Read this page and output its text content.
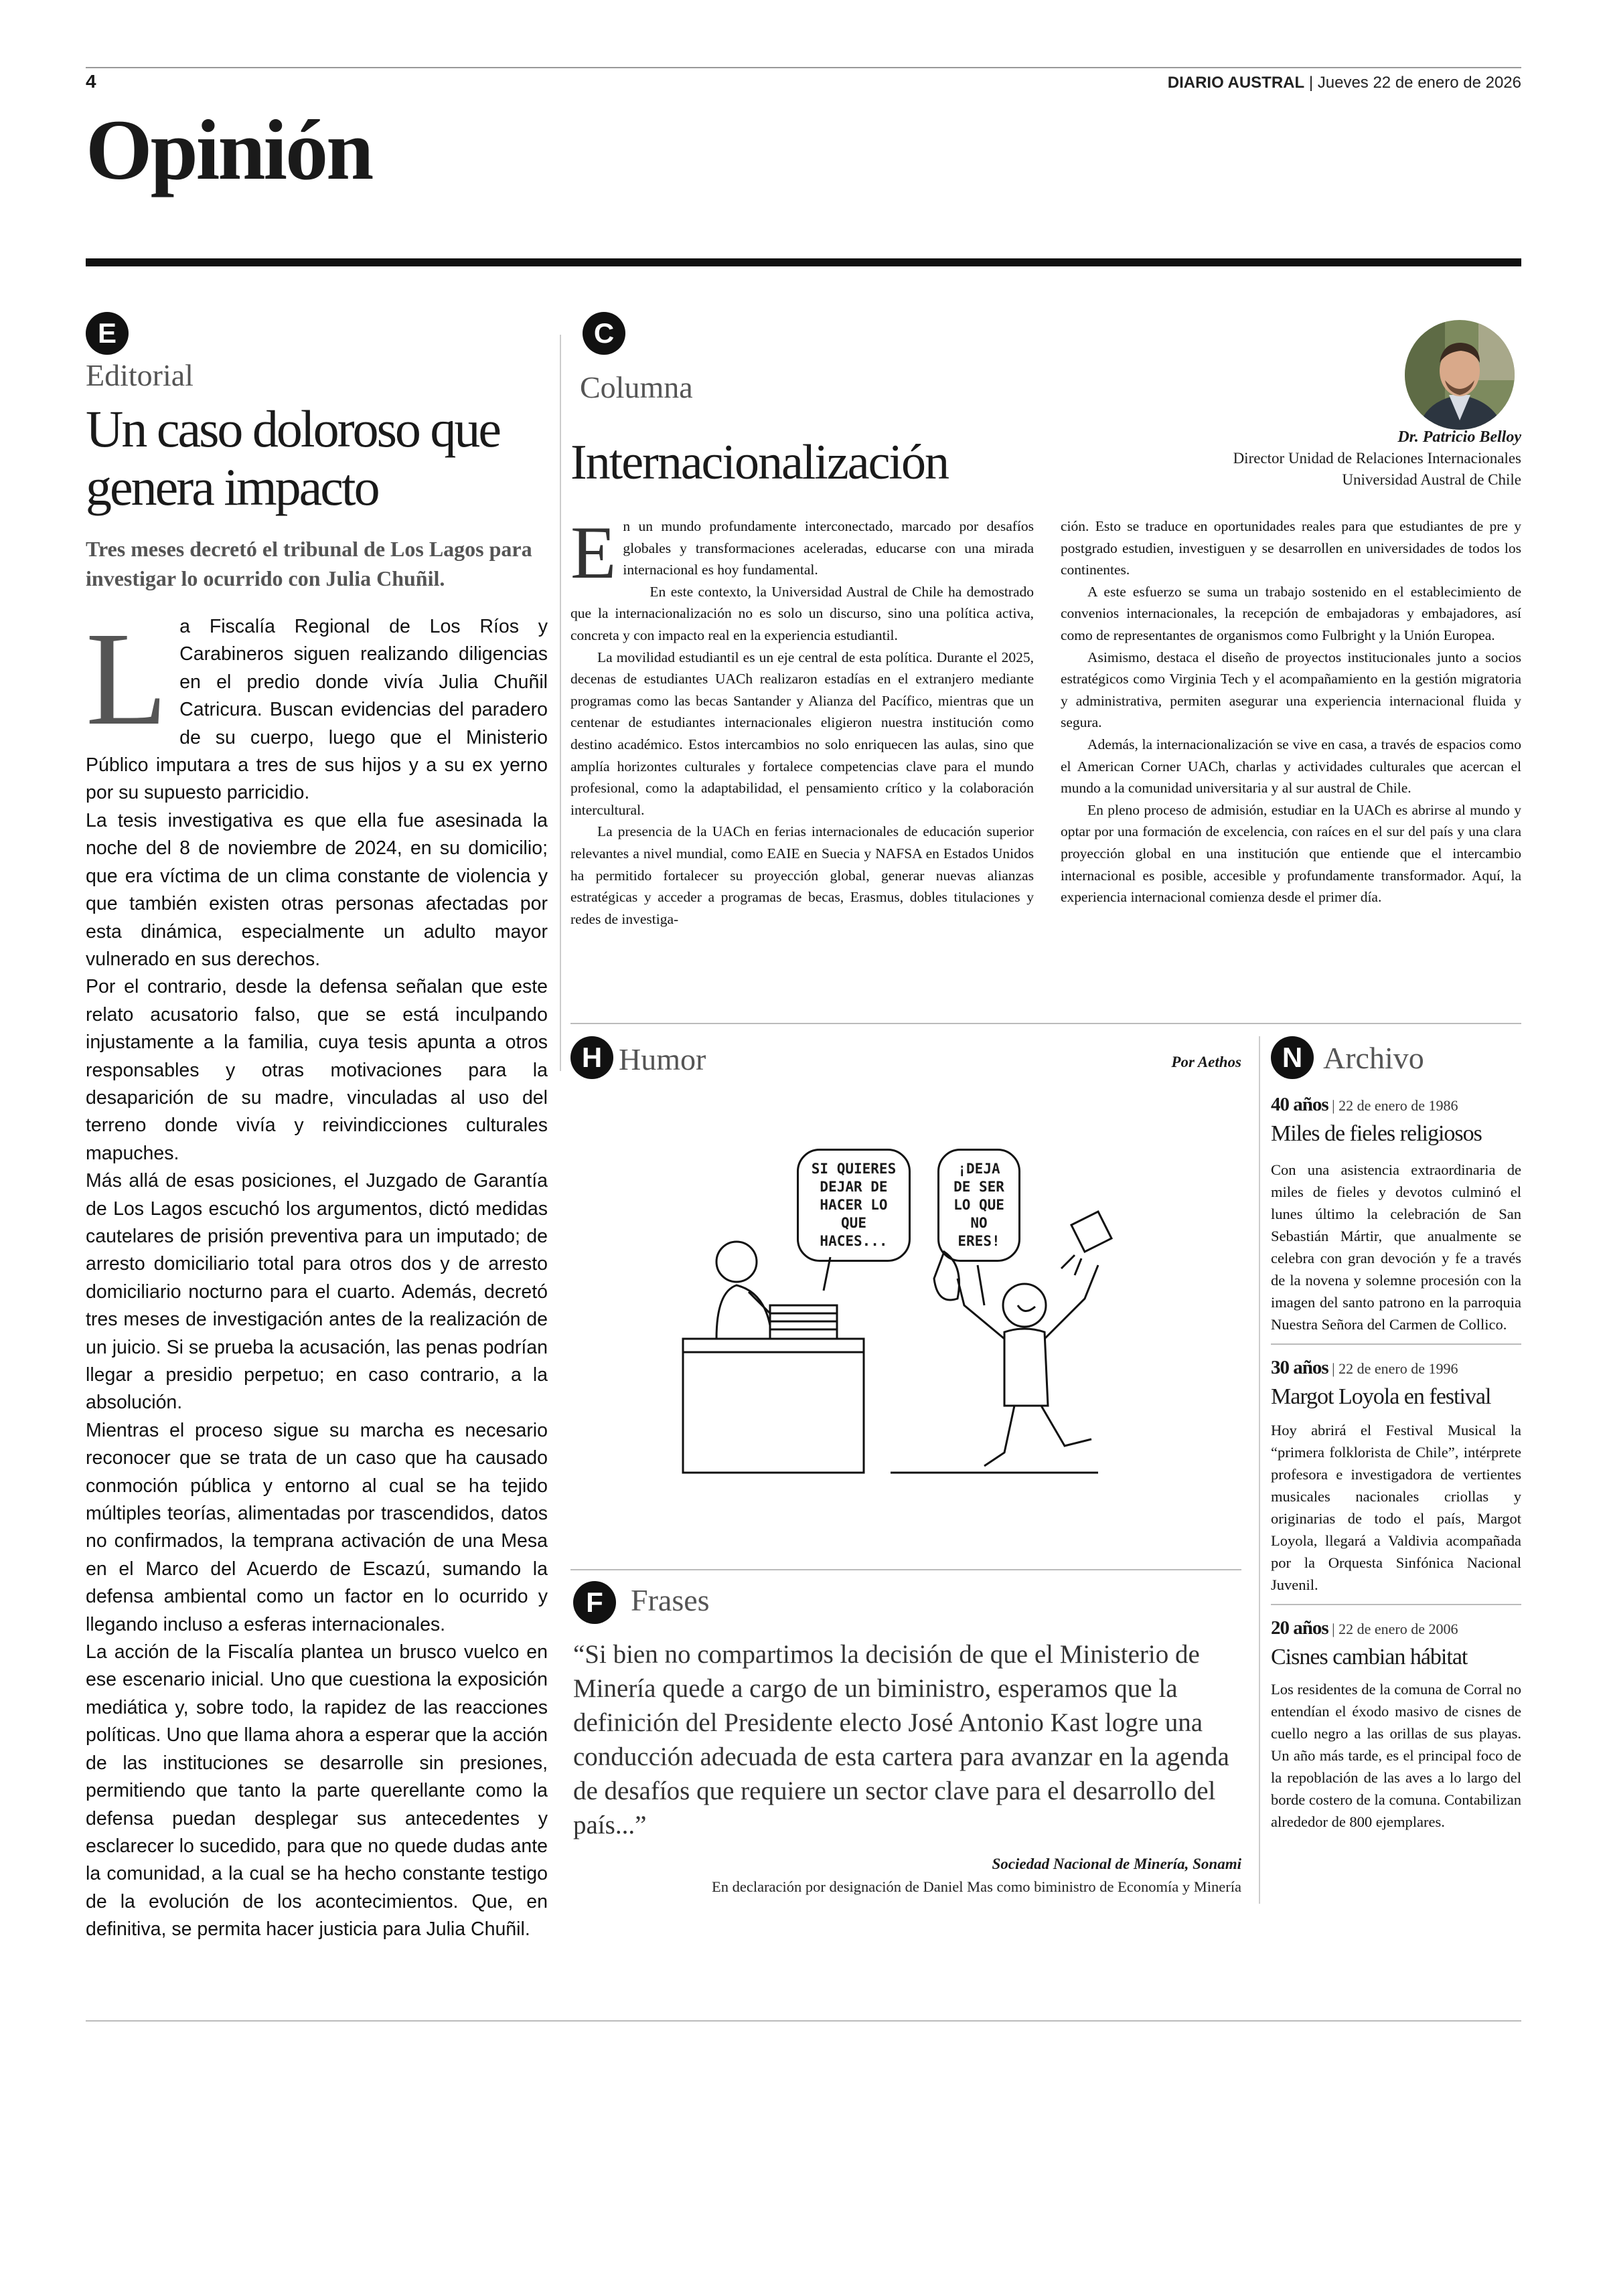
4	DIARIO AUSTRAL | Jueves 22 de enero de 2026
Opinión
E
Editorial
Un caso doloroso que genera impacto
Tres meses decretó el tribunal de Los Lagos para investigar lo ocurrido con Julia Chuñil.
L a Fiscalía Regional de Los Ríos y Carabineros siguen realizando diligencias en el predio donde vivía Julia Chuñil Catricura. Buscan evidencias del paradero de su cuerpo, luego que el Ministerio Público imputara a tres de sus hijos y a su ex yerno por su supuesto parricidio.

La tesis investigativa es que ella fue asesinada la noche del 8 de noviembre de 2024, en su domicilio; que era víctima de un clima constante de violencia y que también existen otras personas afectadas por esta dinámica, especialmente un adulto mayor vulnerado en sus derechos.

Por el contrario, desde la defensa señalan que este relato acusatorio falso, que se está inculpando injustamente a la familia, cuya tesis apunta a otros responsables y otras motivaciones para la desaparición de su madre, vinculadas al uso del terreno donde vivía y reivindicciones culturales mapuches.

Más allá de esas posiciones, el Juzgado de Garantía de Los Lagos escuchó los argumentos, dictó medidas cautelares de prisión preventiva para un imputado; de arresto domiciliario total para otros dos y de arresto domiciliario nocturno para el cuarto. Además, decretó tres meses de investigación antes de la realización de un juicio. Si se prueba la acusación, las penas podrían llegar a presidio perpetuo; en caso contrario, a la absolución.

Mientras el proceso sigue su marcha es necesario reconocer que se trata de un caso que ha causado conmoción pública y entorno al cual se ha tejido múltiples teorías, alimentadas por trascendidos, datos no confirmados, la temprana activación de una Mesa en el Marco del Acuerdo de Escazú, sumando la defensa ambiental como un factor en lo ocurrido y llegando incluso a esferas internacionales.

La acción de la Fiscalía plantea un brusco vuelco en ese escenario inicial. Uno que cuestiona la exposición mediática y, sobre todo, la rapidez de las reacciones políticas. Uno que llama ahora a esperar que la acción de las instituciones se desarrolle sin presiones, permitiendo que tanto la parte querellante como la defensa puedan desplegar sus antecedentes y esclarecer lo sucedido, para que no quede dudas ante la comunidad, a la cual se ha hecho constante testigo de la evolución de los acontecimientos. Que, en definitiva, se permita hacer justicia para Julia Chuñil.

C
Columna
Internacionalización	Dr. Patricio Belloy
Director Unidad de Relaciones Internacionales
Universidad Austral de Chile
E n un mundo profundamente interconectado, marcado por desafíos globales y transformaciones aceleradas, educarse con una mirada internacional es hoy fundamental.

En este contexto, la Universidad Austral de Chile ha demostrado que la internacionalización no es solo un discurso, sino una política activa, concreta y con impacto real en la experiencia estudiantil.

La movilidad estudiantil es un eje central de esta política. Durante el 2025, decenas de estudiantes UACh realizaron estadías en el extranjero mediante programas como las becas Santander y Alianza del Pacífico, mientras que un centenar de estudiantes internacionales eligieron nuestra institución como destino académico. Estos intercambios no solo enriquecen las aulas, sino que amplía horizontes culturales y fortalece competencias clave para el mundo profesional, como la adaptabilidad, el pensamiento crítico y la colaboración intercultural.

La presencia de la UACh en ferias internacionales de educación superior relevantes a nivel mundial, como EAIE en Suecia y NAFSA en Estados Unidos ha permitido fortalecer su proyección global, generar nuevas alianzas estratégicas y acceder a programas de becas, Erasmus, dobles titulaciones y redes de investiga-

ción. Esto se traduce en oportunidades reales para que estudiantes de pre y postgrado estudien, investiguen y se desarrollen en universidades de todos los continentes.

A este esfuerzo se suma un trabajo sostenido en el establecimiento de convenios internacionales, la recepción de embajadoras y embajadores, así como de representantes de organismos como Fulbright y la Unión Europea.

Asimismo, destaca el diseño de proyectos institucionales junto a socios estratégicos como Virginia Tech y el acompañamiento en la gestión migratoria y administrativa, permiten asegurar una experiencia internacional fluida y segura.

Además, la internacionalización se vive en casa, a través de espacios como el American Corner UACh, charlas y actividades culturales que acercan el mundo a la comunidad universitaria y al sur austral de Chile.

En pleno proceso de admisión, estudiar en la UACh es abrirse al mundo y optar por una formación de excelencia, con raíces en el sur del país y una clara proyección global en una institución que entiende que el intercambio internacional es posible, accesible y profundamente transformador. Aquí, la experiencia internacional comienza desde el primer día.

H Humor	Por Aethos
SI QUIERES
DEJAR DE
HACER LO
QUE HACES...
¡DEJA
DE SER
LO QUE
NO ERES!
F Frases
“Si bien no compartimos la decisión de que el Ministerio de Minería quede a cargo de un biministro, esperamos que la definición del Presidente electo José Antonio Kast logre una conducción adecuada de esta cartera para avanzar en la agenda de desafíos que requiere un sector clave para el desarrollo del país...”
Sociedad Nacional de Minería, Sonami
En declaración por designación de Daniel Mas como biministro de Economía y Minería
N Archivo
40 años | 22 de enero de 1986
Miles de fieles religiosos
Con una asistencia extraordinaria de miles de fieles y devotos culminó el lunes último la celebración de San Sebastián Mártir, que anualmente se celebra con gran devoción y fe a través de la novena y solemne procesión con la imagen del santo patrono en la parroquia Nuestra Señora del Carmen de Collico.
30 años | 22 de enero de 1996
Margot Loyola en festival
Hoy abrirá el Festival Musical la “primera folklorista de Chile”, intérprete profesora e investigadora de vertientes musicales nacionales criollas y originarias de todo el país, Margot Loyola, llegará a Valdivia acompañada por la Orquesta Sinfónica Nacional Juvenil.
20 años | 22 de enero de 2006
Cisnes cambian hábitat
Los residentes de la comuna de Corral no entendían el éxodo masivo de cisnes de cuello negro a las orillas de sus playas. Un año más tarde, es el principal foco de la repoblación de las aves a lo largo del borde costero de la comuna. Contabilizan alrededor de 800 ejemplares.
